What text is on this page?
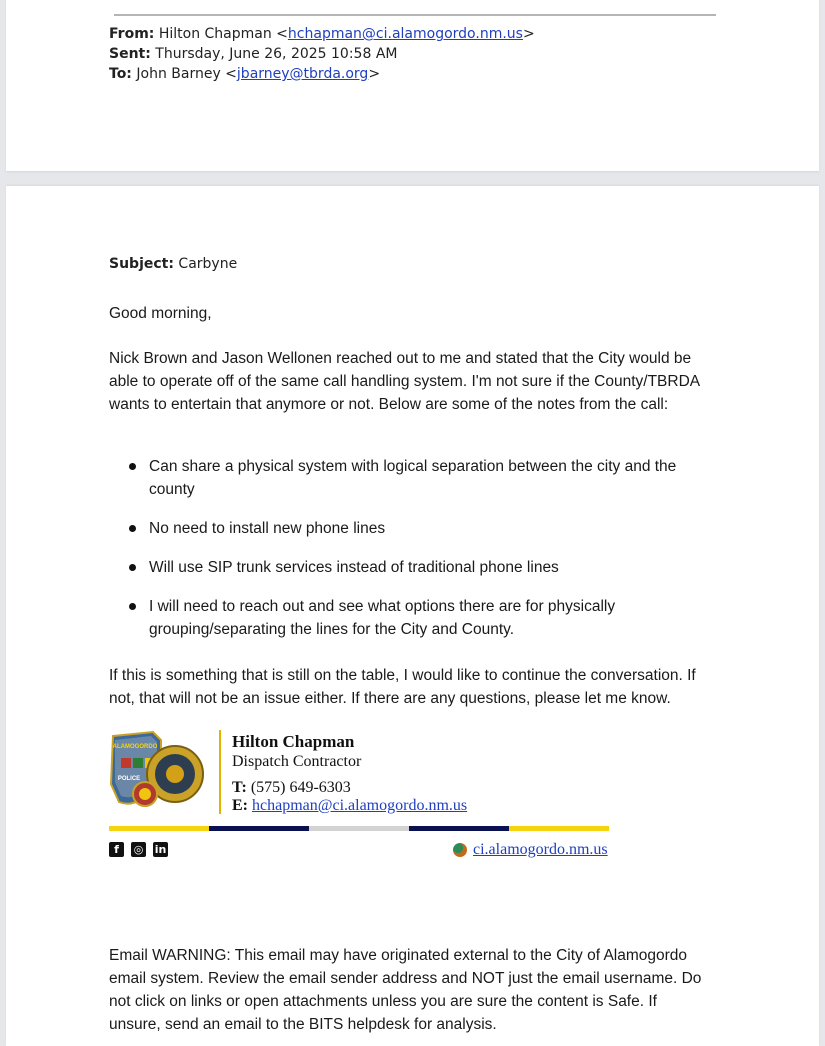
From: Hilton Chapman <hchapman@ci.alamogordo.nm.us>
Sent: Thursday, June 26, 2025 10:58 AM
To: John Barney <jbarney@tbrda.org>
Subject: Carbyne
Good morning,
Nick Brown and Jason Wellonen reached out to me and stated that the City would be able to operate off of the same call handling system. I'm not sure if the County/TBRDA wants to entertain that anymore or not. Below are some of the notes from the call:
Can share a physical system with logical separation between the city and the county
No need to install new phone lines
Will use SIP trunk services instead of traditional phone lines
I will need to reach out and see what options there are for physically grouping/separating the lines for the City and County.
If this is something that is still on the table, I would like to continue the conversation. If not, that will not be an issue either. If there are any questions, please let me know.
ALAMOGORDO
POLICE
Hilton Chapman
Dispatch Contractor
T: (575) 649-6303
E: hchapman@ci.alamogordo.nm.us
f	◎ in	ci.alamogordo.nm.us
Email WARNING: This email may have originated external to the City of Alamogordo email system. Review the email sender address and NOT just the email username. Do not click on links or open attachments unless you are sure the content is Safe. If unsure, send an email to the BITS helpdesk for analysis.
